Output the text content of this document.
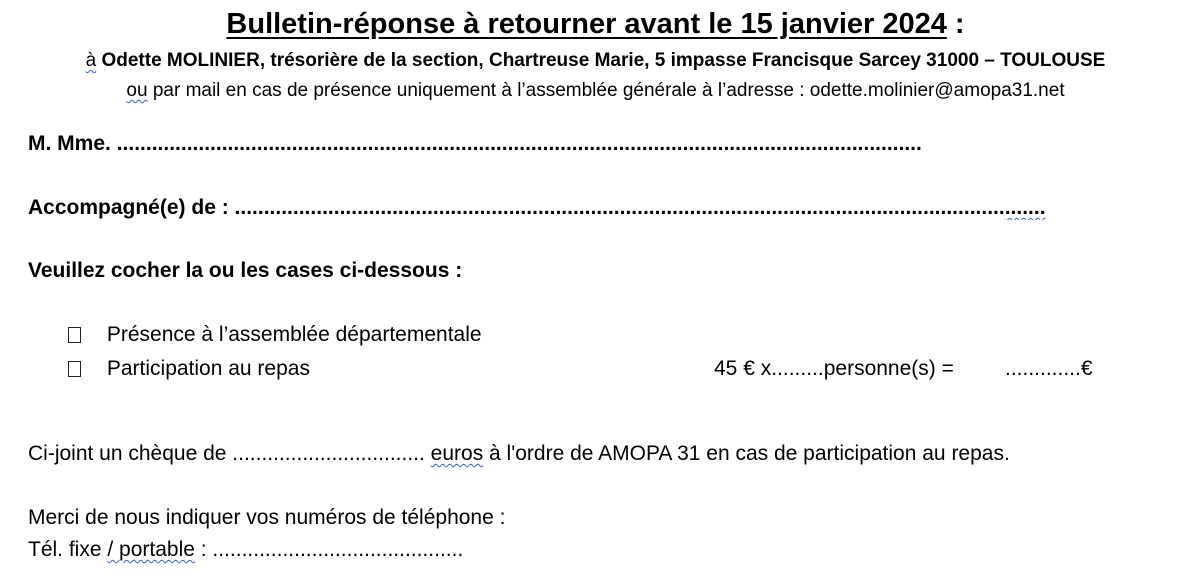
Bulletin-réponse à retourner avant le 15 janvier 2024 :
à Odette MOLINIER, trésorière de la section, Chartreuse Marie, 5 impasse Francisque Sarcey 31000 – TOULOUSE
ou par mail en cas de présence uniquement à l’assemblée générale à l’adresse : odette.molinier@amopa31.net
M. Mme. ..........................................................................................................................................
Accompagné(e) de : ...........................................................................................................................................
Veuillez cocher la ou les cases ci-dessous :
Présence à l’assemblée départementale
Participation au repas	45 € x.........personne(s) = .............€
Ci-joint un chèque de ................................. euros à l'ordre de AMOPA 31 en cas de participation au repas.
Merci de nous indiquer vos numéros de téléphone :
Tél. fixe / portable : ...........................................
